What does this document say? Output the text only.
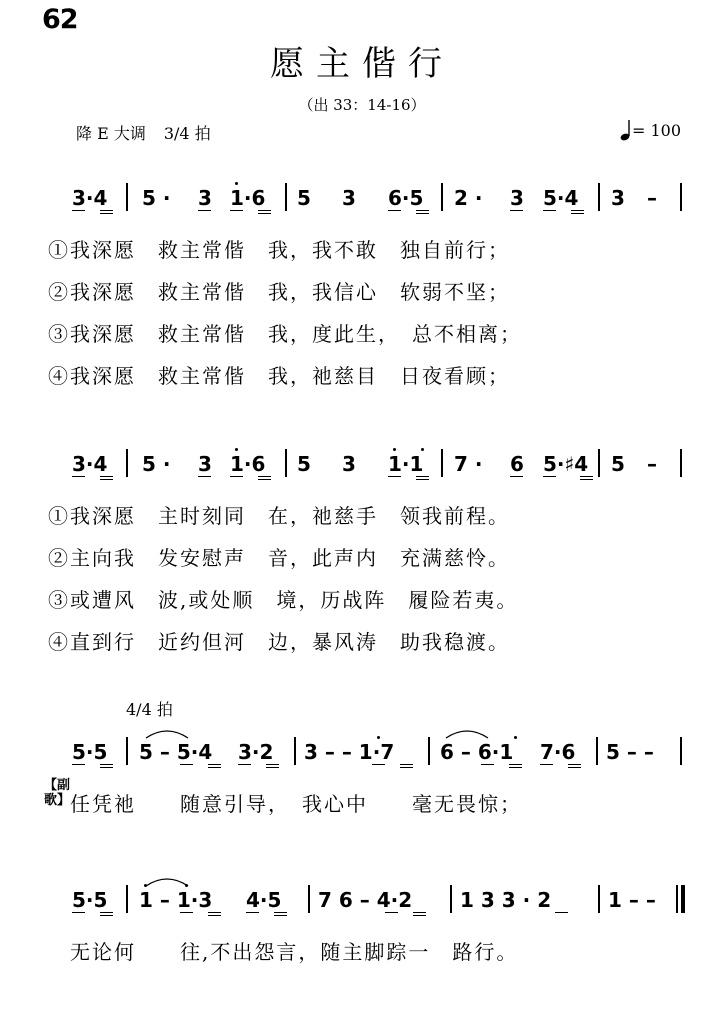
62
愿主偕行
（出 33：14-16）
降 E 大调 3/4 拍	= 100
3·4 5 · 3 1·6 5 3 6·5 2 · 3 5·4 3 –
①我深愿　救主常偕　我，我不敢　独自前行；
②我深愿　救主常偕　我，我信心　软弱不坚；
③我深愿　救主常偕　我，度此生，　总不相离；
④我深愿　救主常偕　我，祂慈目　日夜看顾；
3·4 5 · 3 1·6 5 3 1·1 7 · 6 5·♯4 5 –
①我深愿　主时刻同　在，祂慈手　领我前程。
②主向我　发安慰声　音，此声内　充满慈怜。
③或遭风　波,或处顺　境，历战阵　履险若夷。
④直到行　近约但河　边，暴风涛　助我稳渡。
4/4 拍
5·5 5 – 5·4 3·2 3 – – 1·7 6 – 6·1 7·6 5 – –
【副歌】 任凭祂　　随意引导，　我心中　　毫无畏惊；
5·5 1 – 1·3 4·5 7 6 – 4·2 1 3 3 · 2	1 – –
无论何　　往,不出怨言，随主脚踪一　路行。
